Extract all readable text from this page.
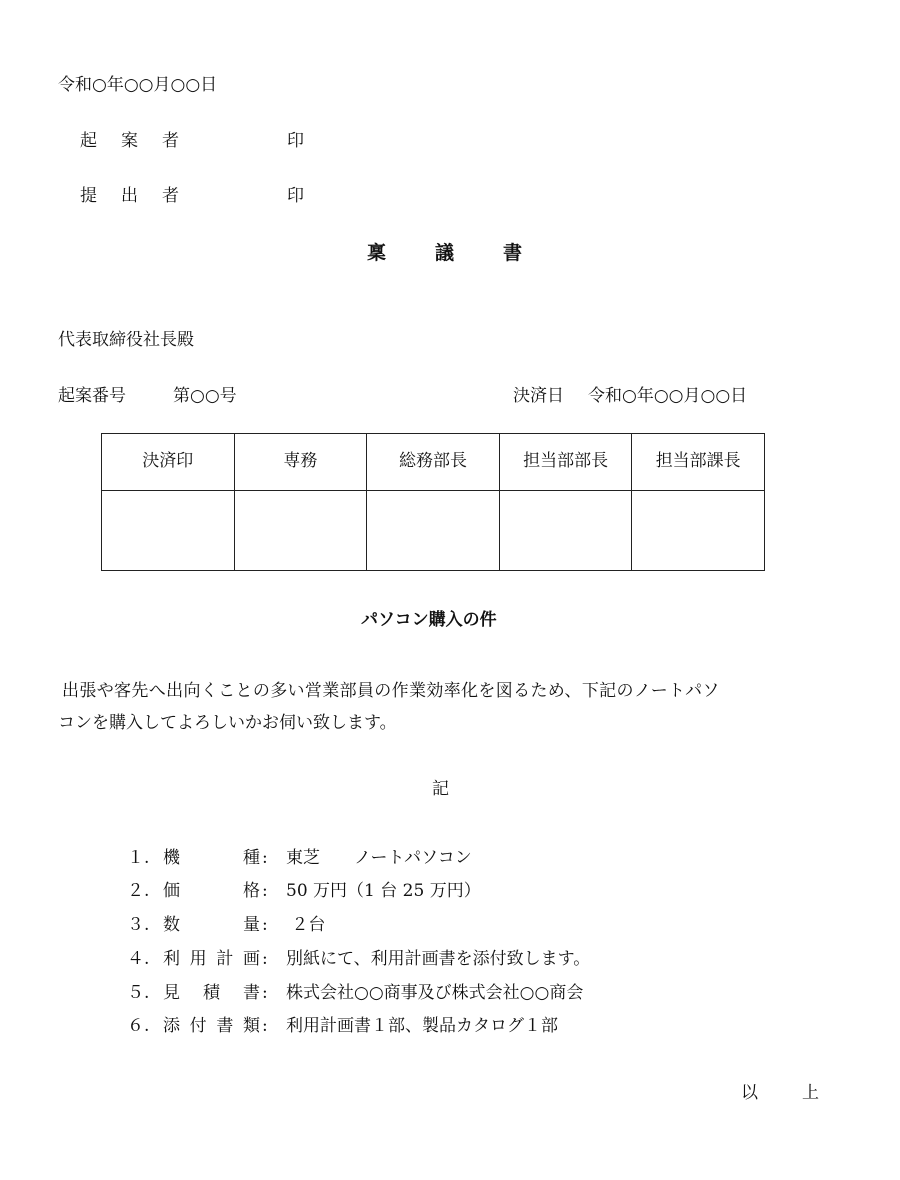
令和○年○○月○○日
起案者	印
提出者	印
稟議書
代表取締役社長殿
起案番号	第○○号	決済日 令和○年○○月○○日
決済印	専務	総務部長	担当部部長	担当部課長

パソコン購入の件
出張や客先へ出向くことの多い営業部員の作業効率化を図るため、下記のノートパソ
コンを購入してよろしいかお伺い致します。
記
１. 機種 : 東芝　　ノートパソコン
２. 価格 : 50 万円（1 台 25 万円）
３. 数量 : ２台
４. 利用計画 : 別紙にて、利用計画書を添付致します。
５. 見積書 : 株式会社○○商事及び株式会社○○商会
６. 添付書類 : 利用計画書１部、製品カタログ１部
以上
